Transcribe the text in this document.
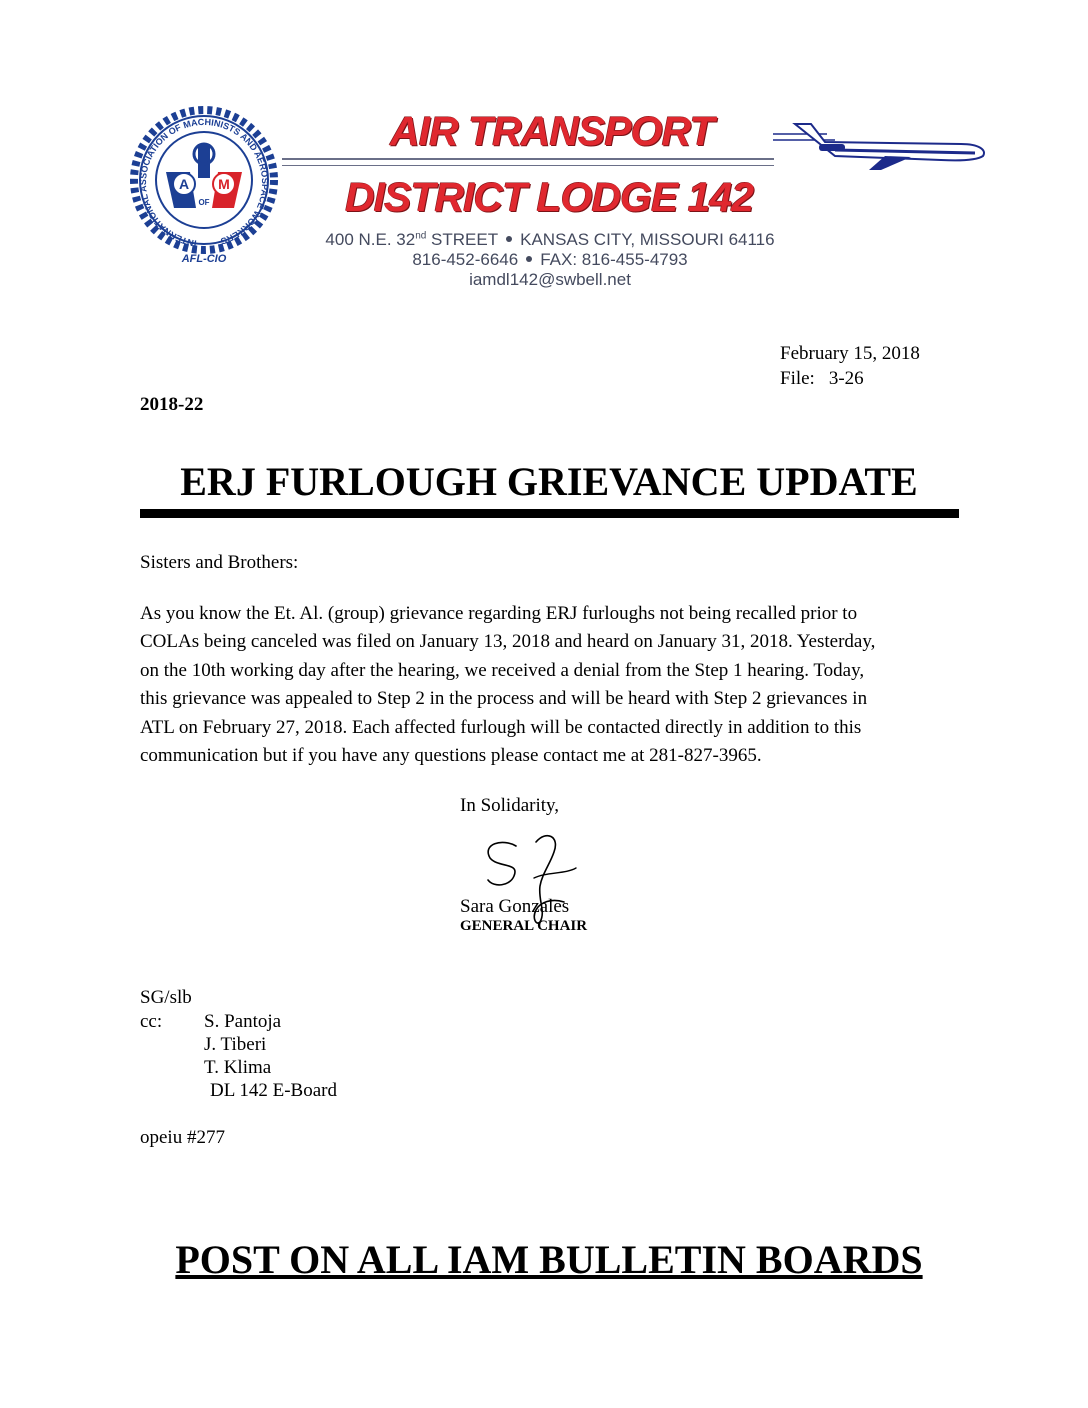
INTERNATIONAL ASSOCIATION OF MACHINISTS AND AEROSPACE WORKERS
A M
OF
AFL-CIO
AIR TRANSPORT
DISTRICT LODGE 142
400 N.E. 32nd STREET KANSAS CITY, MISSOURI 64116
816-452-6646 FAX: 816-455-4793
iamdl142@swbell.net
February 15, 2018
File: 3-26
2018-22
ERJ FURLOUGH GRIEVANCE UPDATE
Sisters and Brothers:
As you know the Et. Al. (group) grievance regarding ERJ furloughs not being recalled prior to
COLAs being canceled was filed on January 13, 2018 and heard on January 31, 2018. Yesterday,
on the 10th working day after the hearing, we received a denial from the Step 1 hearing. Today,
this grievance was appealed to Step 2 in the process and will be heard with Step 2 grievances in
ATL on February 27, 2018. Each affected furlough will be contacted directly in addition to this
communication but if you have any questions please contact me at 281-827-3965.
In Solidarity,
Sara Gonzales
GENERAL CHAIR
SG/slb
cc: S. Pantoja
J. Tiberi
T. Klima
DL 142 E-Board
opeiu #277
POST ON ALL IAM BULLETIN BOARDS
